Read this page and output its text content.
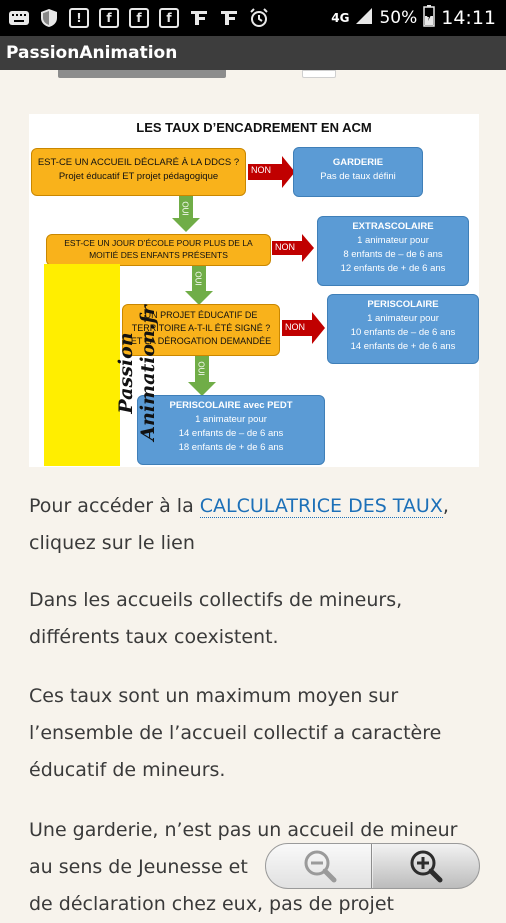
!	f	f	f	4G 50% 14:11
PassionAnimation
LES TAUX D’ENCADREMENT EN ACM
NON
NON
NON
OUI
OUI
OUI
EST-CE UN ACCUEIL DÉCLARÉ À LA DDCS ?
Projet éducatif ET projet pédagogique
EST-CE UN JOUR D’ÉCOLE POUR PLUS DE LA
MOITIÉ DES ENFANTS PRÉSENTS
UN PROJET ÉDUCATIF DE
TERRITOIRE A-T-IL ÉTÉ SIGNÉ ?
ET LA DÉROGATION DEMANDÉE
GARDERIE
Pas de taux défini
EXTRASCOLAIRE
1 animateur pour
8 enfants de – de 6 ans
12 enfants de + de 6 ans
PERISCOLAIRE
1 animateur pour
10 enfants de – de 6 ans
14 enfants de + de 6 ans
PERISCOLAIRE avec PEDT
1 animateur pour
14 enfants de – de 6 ans
18 enfants de + de 6 ans
Passion Animation.fr
Pour accéder à la CALCULATRICE DES TAUX,
cliquez sur le lien
Dans les accueils collectifs de mineurs,
différents taux coexistent.
Ces taux sont un maximum moyen sur
l’ensemble de l’accueil collectif a caractère
éducatif de mineurs.
Une garderie, n’est pas un accueil de mineur
au sens de Jeunesse et
de déclaration chez eux, pas de projet
